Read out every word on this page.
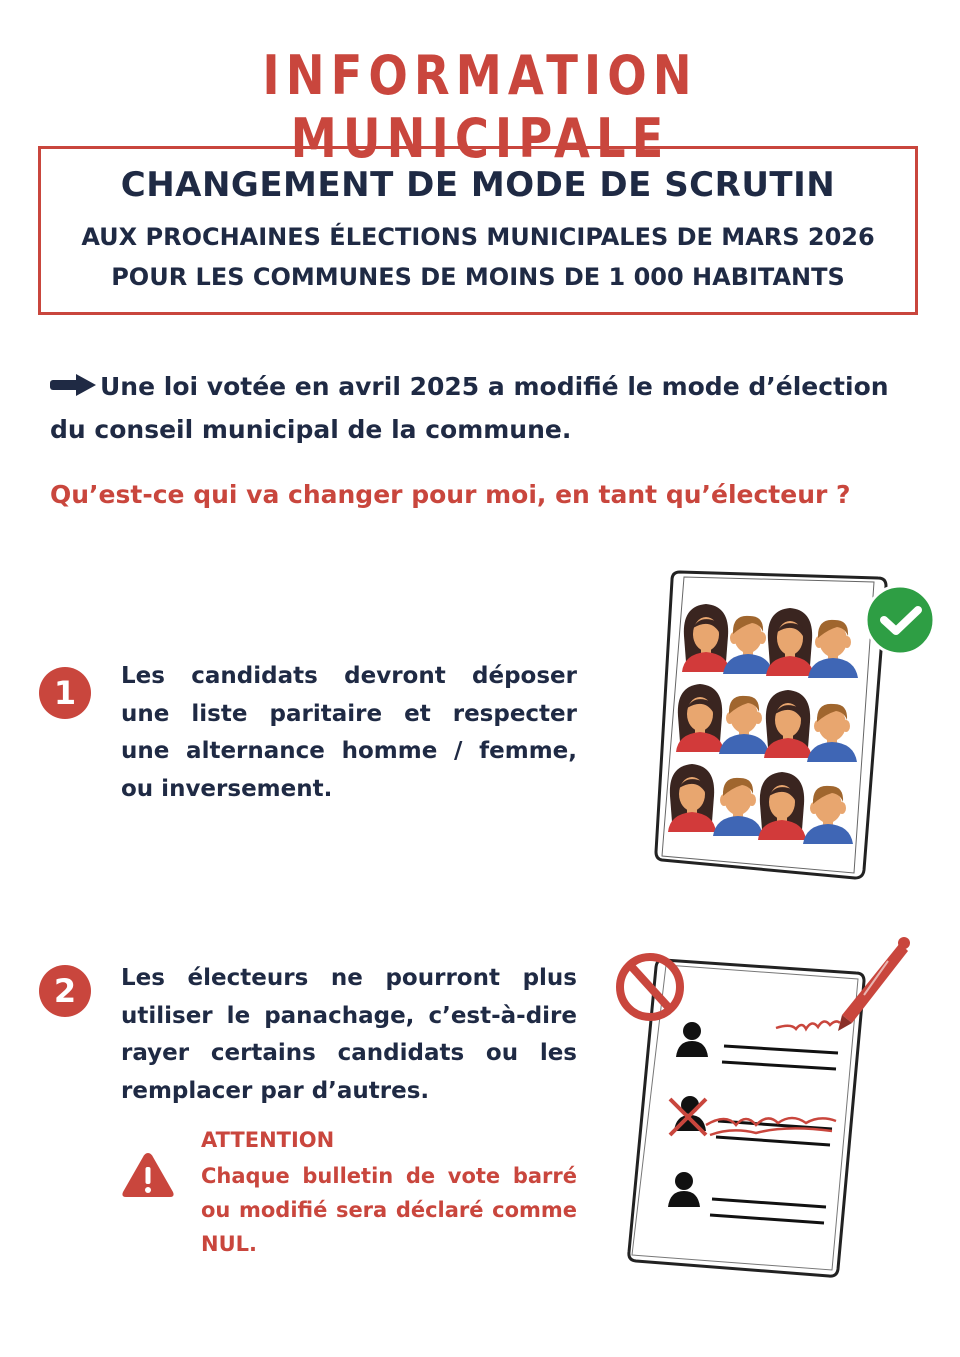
INFORMATION MUNICIPALE
CHANGEMENT DE MODE DE SCRUTIN
AUX PROCHAINES ÉLECTIONS MUNICIPALES DE MARS 2026
POUR LES COMMUNES DE MOINS DE 1 000 HABITANTS
Une loi votée en avril 2025 a modifié le mode d’élection du conseil municipal de la commune.
Qu’est-ce qui va changer pour moi, en tant qu’électeur ?
1	Les candidats devront déposer une liste paritaire et respecter une alternance homme / femme, ou inversement.
2	Les électeurs ne pourront plus utiliser le panachage, c’est-à-dire rayer certains candidats ou les remplacer par d’autres.
ATTENTION
Chaque bulletin de vote barré ou modifié sera déclaré comme NUL.
